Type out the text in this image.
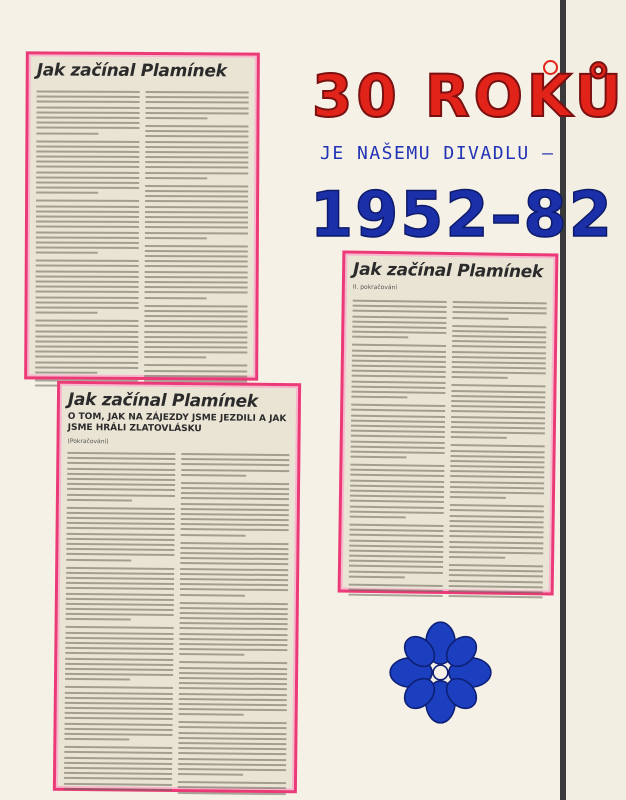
Jak začínal Plamínek
Jak začínal Plamínek
II. pokračování
Jak začínal Plamínek
O TOM, JAK NA ZÁJEZDY JSME JEZDILI A JAK JSME HRÁLI ZLATOVLÁSKU
(Pokračování)
30 ROKŮ
JE NAŠEMU DIVADLU –
1952–82
